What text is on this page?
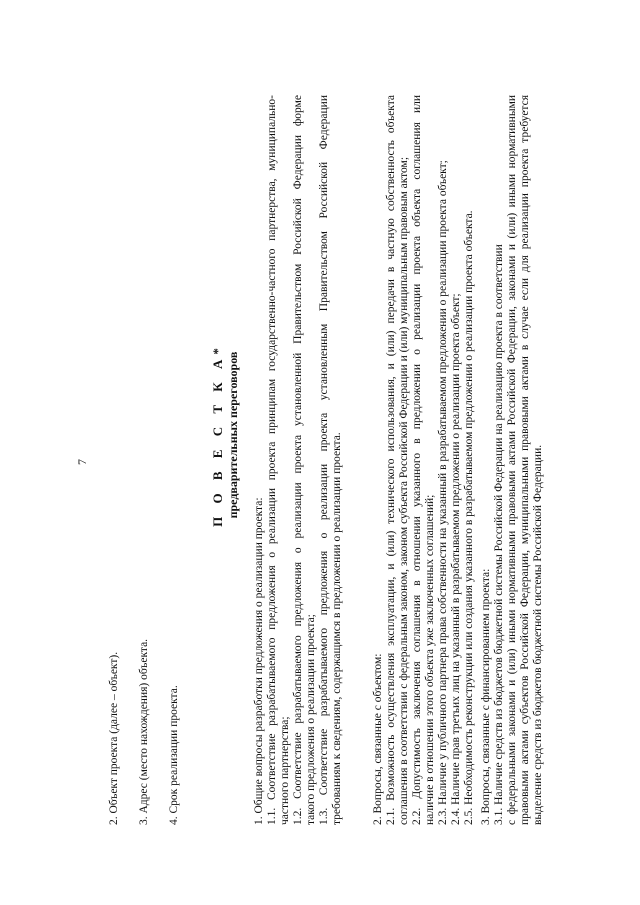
7
2. Объект проекта (далее – объект). 3. Адрес (место нахождения) объекта. 4. Срок реализации проекта.
П О В Е С Т К А* предварительных переговоров
1. Общие вопросы разработки предложения о реализации проекта: 1.1. Соответствие разрабатываемого предложения о реализации проекта принципам государственно-частного партнерства, муниципально- частного партнерства; 1.2. Соответствие разрабатываемого предложения о реализации проекта установленной Правительством Российской Федерации форме такого предложения о реализации проекта; 1.3. Соответствие разрабатываемого предложения о реализации проекта установленным Правительством Российской Федерации требованиям к сведениям, содержащимся в предложении о реализации проекта.	2. Вопросы, связанные с объектом: 2.1. Возможность осуществления эксплуатации, и (или) технического использования, и (или) передачи в частную собственность объекта соглашения в соответствии с федеральным законом, законом субъекта Российской Федерации и (или) муниципальным правовым актом; 2.2. Допустимость заключения соглашения в отношении указанного в предложении о реализации проекта объекта соглашения или наличие в отношении этого объекта уже заключенных соглашений; 2.3. Наличие у публичного партнера права собственности на указанный в разрабатываемом предложении о реализации проекта объект; 2.4. Наличие прав третьих лиц на указанный в разрабатываемом предложении о реализации проекта объект; 2.5. Необходимость реконструкции или создания указанного в разрабатываемом предложении о реализации проекта объекта. 3. Вопросы, связанные с финансированием проекта: 3.1. Наличие средств из бюджетов бюджетной системы Российской Федерации на реализацию проекта в соответствии с федеральными законами и (или) иными нормативными правовыми актами Российской Федерации, законами и (или) иными нормативными правовыми актами субъектов Российской Федерации, муниципальными правовыми актами в случае если для реализации проекта требуется выделение средств из бюджетов бюджетной системы Российской Федерации.
